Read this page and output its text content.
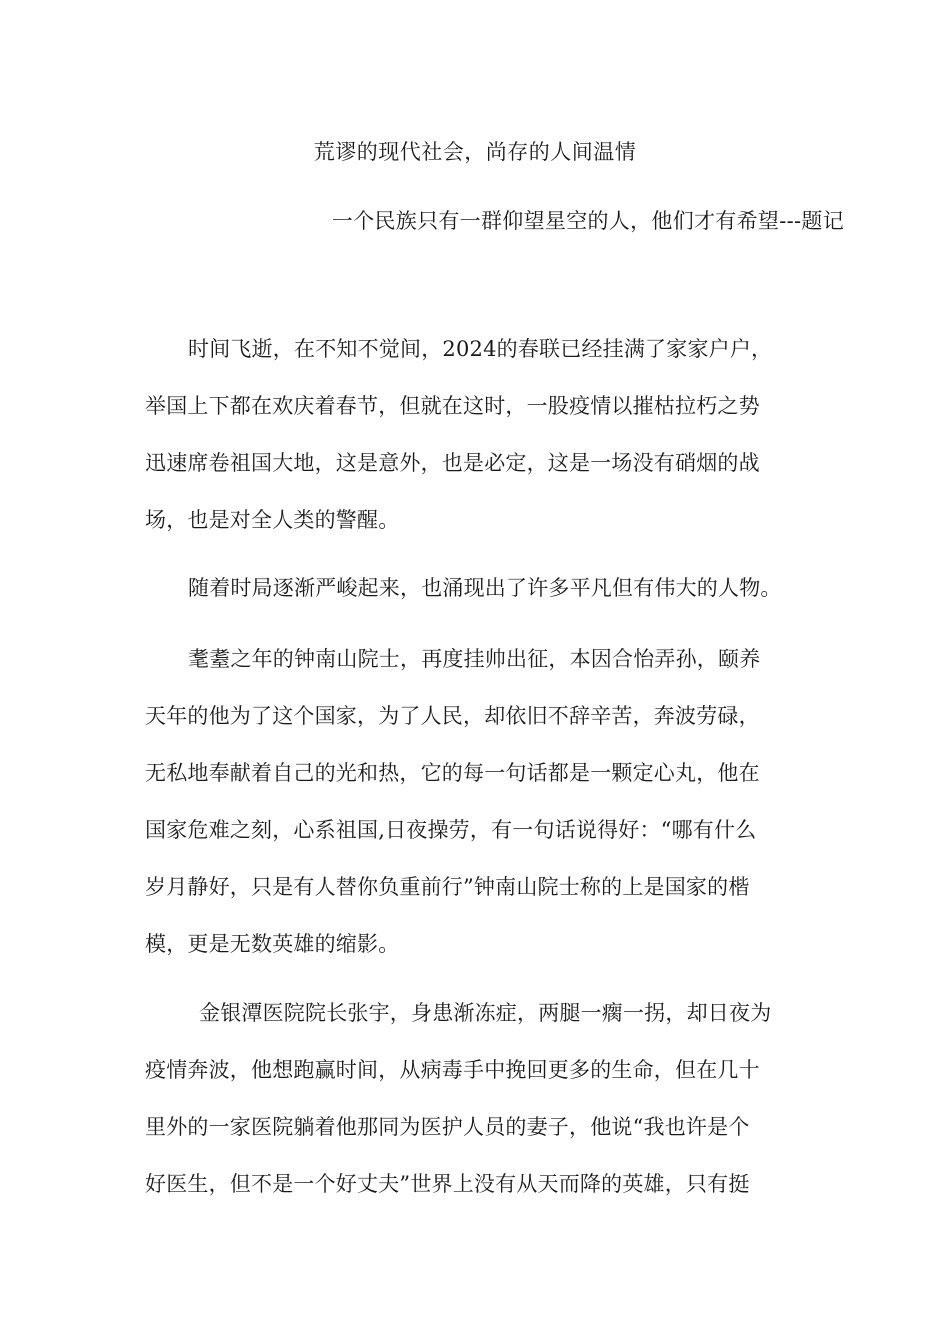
荒谬的现代社会，尚存的人间温情
一个民族只有一群仰望星空的人，他们才有希望---题记
时间飞逝，在不知不觉间，2024的春联已经挂满了家家户户，
举国上下都在欢庆着春节，但就在这时，一股疫情以摧枯拉朽之势
迅速席卷祖国大地，这是意外，也是必定，这是一场没有硝烟的战
场，也是对全人类的警醒。
随着时局逐渐严峻起来，也涌现出了许多平凡但有伟大的人物。
耄耋之年的钟南山院士，再度挂帅出征，本因合怡弄孙，颐养
天年的他为了这个国家，为了人民，却依旧不辞辛苦，奔波劳碌，
无私地奉献着自己的光和热，它的每一句话都是一颗定心丸，他在
国家危难之刻，心系祖国,日夜操劳，有一句话说得好：“哪有什么
岁月静好，只是有人替你负重前行”钟南山院士称的上是国家的楷
模，更是无数英雄的缩影。
金银潭医院院长张宇，身患渐冻症，两腿一瘸一拐，却日夜为
疫情奔波，他想跑赢时间，从病毒手中挽回更多的生命，但在几十
里外的一家医院躺着他那同为医护人员的妻子，他说“我也许是个
好医生，但不是一个好丈夫”世界上没有从天而降的英雄，只有挺
